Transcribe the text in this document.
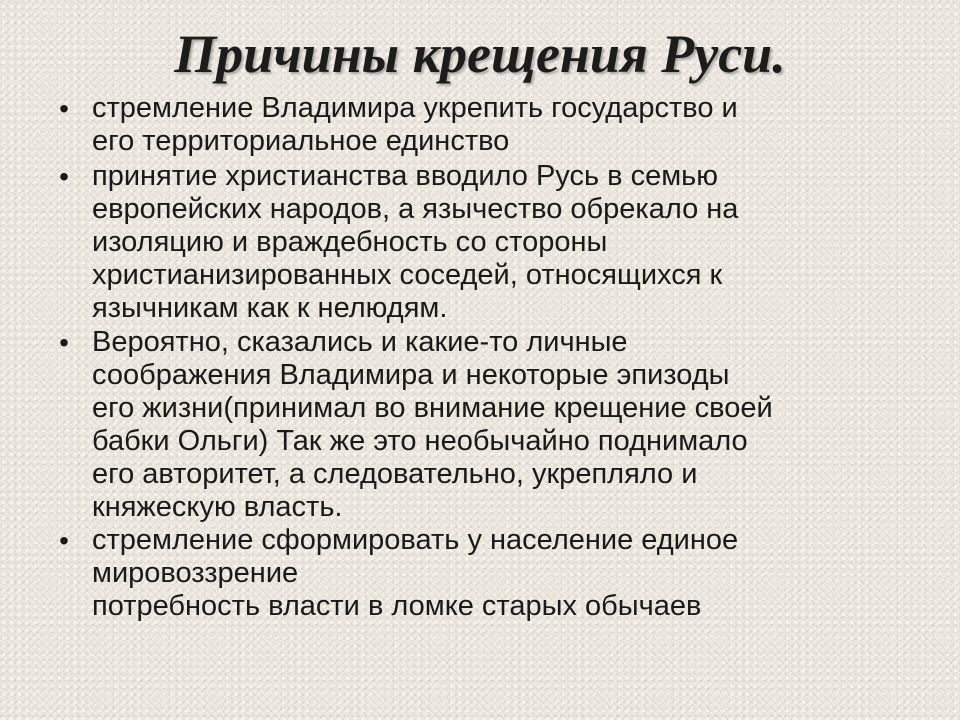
Причины крещения Руси.
• стремление Владимира укрепить государство и
его территориальное единство
• принятие христианства вводило Русь в семью
европейских народов, а язычество обрекало на
изоляцию и враждебность со стороны
христианизированных соседей, относящихся к
язычникам как к нелюдям.
• Вероятно, сказались и какие-то личные
соображения Владимира и некоторые эпизоды
его жизни(принимал во внимание крещение своей
бабки Ольги) Так же это необычайно поднимало
его авторитет, а следовательно, укрепляло и
княжескую власть.
• стремление сформировать у население единое
мировоззрение
потребность власти в ломке старых обычаев
